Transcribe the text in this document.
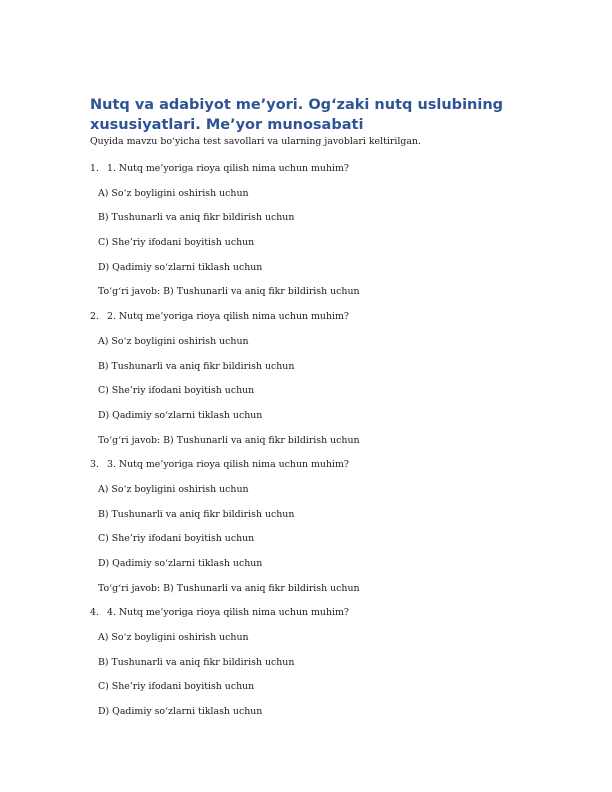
Nutq va adabiyot me’yori. Og‘zaki nutq uslubining xususiyatlari. Me’yor munosabati

Quyida mavzu bo‘yicha test savollari va ularning javoblari keltirilgan.

1. 1. Nutq me’yoriga rioya qilish nima uchun muhim?
A) So‘z boyligini oshirish uchun
B) Tushunarli va aniq fikr bildirish uchun
C) She’riy ifodani boyitish uchun
D) Qadimiy so‘zlarni tiklash uchun
To‘g‘ri javob: B) Tushunarli va aniq fikr bildirish uchun
2. 2. Nutq me’yoriga rioya qilish nima uchun muhim?
A) So‘z boyligini oshirish uchun
B) Tushunarli va aniq fikr bildirish uchun
C) She’riy ifodani boyitish uchun
D) Qadimiy so‘zlarni tiklash uchun
To‘g‘ri javob: B) Tushunarli va aniq fikr bildirish uchun
3. 3. Nutq me’yoriga rioya qilish nima uchun muhim?
A) So‘z boyligini oshirish uchun
B) Tushunarli va aniq fikr bildirish uchun
C) She’riy ifodani boyitish uchun
D) Qadimiy so‘zlarni tiklash uchun
To‘g‘ri javob: B) Tushunarli va aniq fikr bildirish uchun
4. 4. Nutq me’yoriga rioya qilish nima uchun muhim?
A) So‘z boyligini oshirish uchun
B) Tushunarli va aniq fikr bildirish uchun
C) She’riy ifodani boyitish uchun
D) Qadimiy so‘zlarni tiklash uchun
